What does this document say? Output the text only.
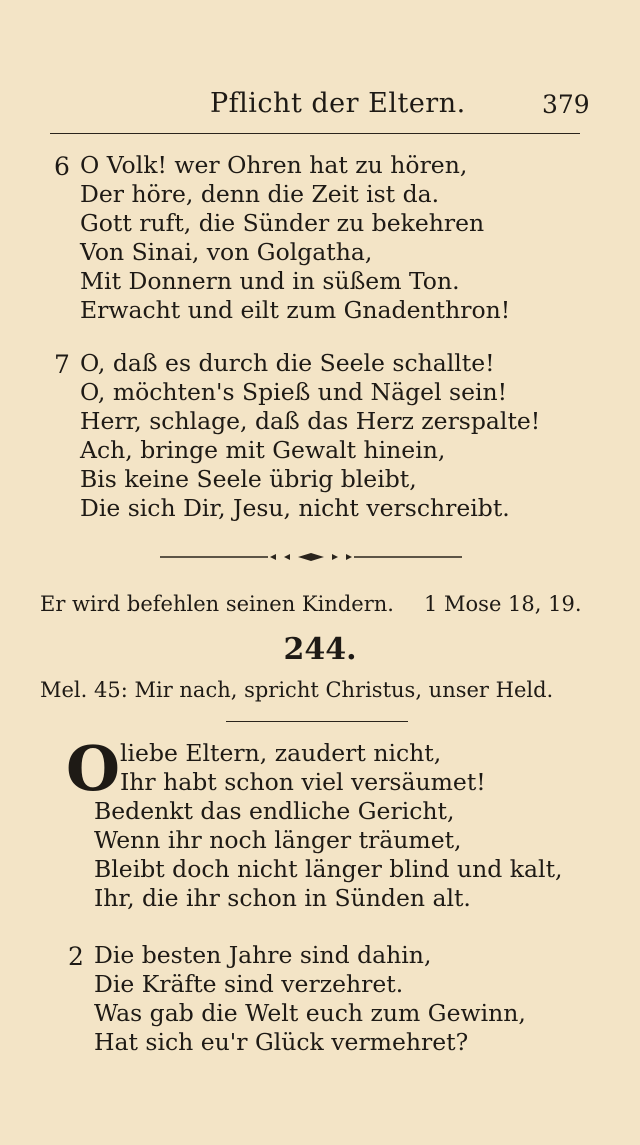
Pflicht der Eltern.	379
6 O Volk! wer Ohren hat zu hören,
Der höre, denn die Zeit ist da.
Gott ruft, die Sünder zu bekehren
Von Sinai, von Golgatha,
Mit Donnern und in süßem Ton.
Erwacht und eilt zum Gnadenthron!
7 O, daß es durch die Seele schallte!
O, möchten's Spieß und Nägel sein!
Herr, schlage, daß das Herz zerspalte!
Ach, bringe mit Gewalt hinein,
Bis keine Seele übrig bleibt,
Die sich Dir, Jesu, nicht verschreibt.
Er wird befehlen seinen Kindern. 1 Mose 18, 19.
244.
Mel. 45: Mir nach, spricht Christus, unser Held.
O liebe Eltern, zaudert nicht,
Ihr habt schon viel versäumet!
Bedenkt das endliche Gericht,
Wenn ihr noch länger träumet,
Bleibt doch nicht länger blind und kalt,
Ihr, die ihr schon in Sünden alt.
2 Die besten Jahre sind dahin,
Die Kräfte sind verzehret.
Was gab die Welt euch zum Gewinn,
Hat sich eu'r Glück vermehret?
